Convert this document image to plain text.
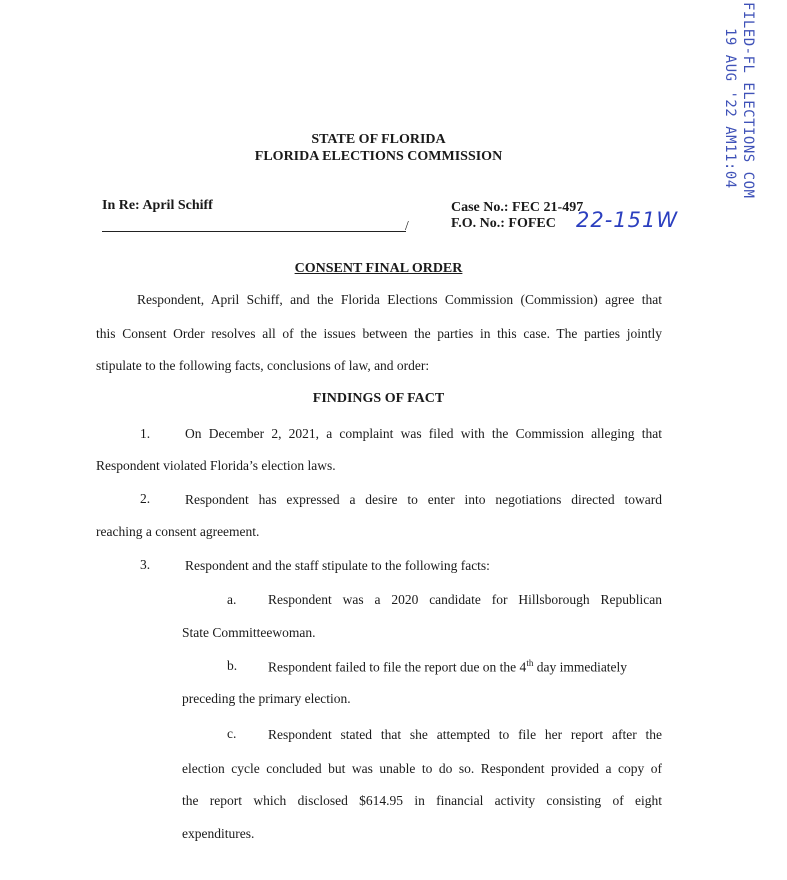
FILED-FL ELECTIONS COM
19 AUG '22 AM11:04
STATE OF FLORIDA
FLORIDA ELECTIONS COMMISSION
In Re: April Schiff
/
Case No.: FEC 21-497
F.O. No.: FOFEC 22-151W
CONSENT FINAL ORDER
Respondent, April Schiff, and the Florida Elections Commission (Commission) agree that
this Consent Order resolves all of the issues between the parties in this case. The parties jointly
stipulate to the following facts, conclusions of law, and order:
FINDINGS OF FACT
1.	On December 2, 2021, a complaint was filed with the Commission alleging that
Respondent violated Florida’s election laws.
2.	Respondent has expressed a desire to enter into negotiations directed toward
reaching a consent agreement.
3.	Respondent and the staff stipulate to the following facts:
a. Respondent was a 2020 candidate for Hillsborough Republican
State Committeewoman.
b. Respondent failed to file the report due on the 4th day immediately
preceding the primary election.
c. Respondent stated that she attempted to file her report after the
election cycle concluded but was unable to do so. Respondent provided a copy of
the report which disclosed $614.95 in financial activity consisting of eight
expenditures.
